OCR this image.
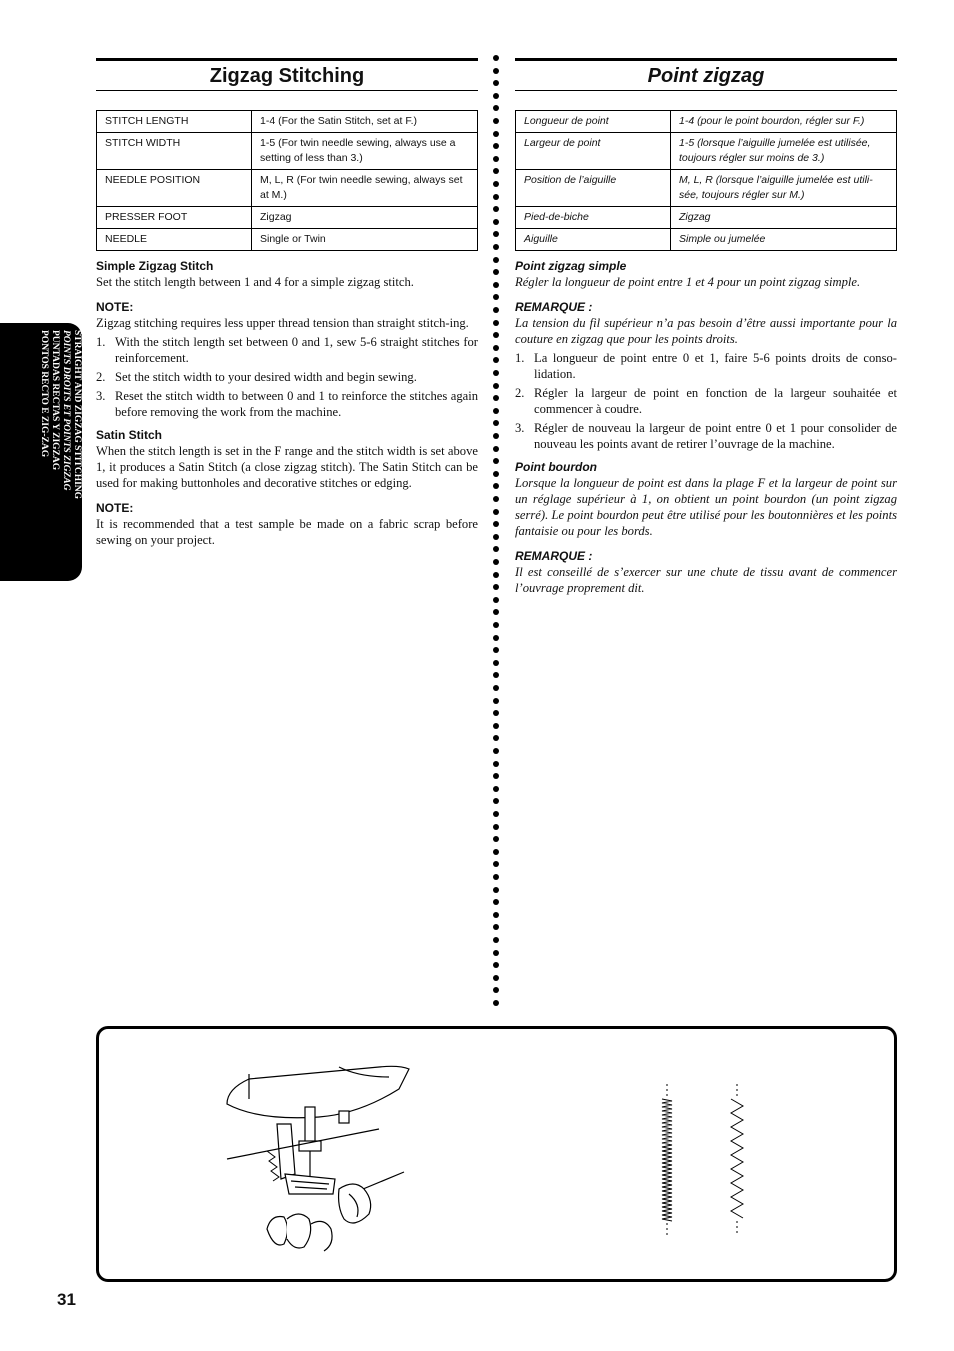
STRAIGHT AND ZIGZAG STITCHING
POINTS DROITS ET POINTS ZIGZAG
PUNTADAS RECTAS Y ZIGZAG
PONTOS RECTO E ZIG-ZAG
Zigzag Stitching
STITCH LENGTH	1-4 (For the Satin Stitch, set at F.)
STITCH WIDTH	1-5 (For twin needle sewing, always use a setting of less than 3.)
NEEDLE POSITION	M, L, R (For twin needle sewing, always set at M.)
PRESSER FOOT	Zigzag
NEEDLE	Single or Twin
Simple Zigzag Stitch

Set the stitch length between 1 and 4 for a simple zigzag stitch.

NOTE:

Zigzag stitching requires less upper thread tension than straight stitch-ing.

1. With the stitch length set between 0 and 1, sew 5-6 straight stitches for reinforcement.
2. Set the stitch width to your desired width and begin sewing.
3. Reset the stitch width to between 0 and 1 to reinforce the stitches again before removing the work from the machine.
Satin Stitch

When the stitch length is set in the F range and the stitch width is set above 1, it produces a Satin Stitch (a close zigzag stitch). The Satin Stitch can be used for making buttonholes and decorative stitches or edging.

NOTE:

It is recommended that a test sample be made on a fabric scrap before sewing on your project.

Point zigzag
Longueur de point	1-4 (pour le point bourdon, régler sur F.)
Largeur de point	1-5 (lorsque l’aiguille jumelée est utilisée, toujours régler sur moins de 3.)
Position de l’aiguille	M, L, R (lorsque l’aiguille jumelée est utili-sée, toujours régler sur M.)
Pied-de-biche	Zigzag
Aiguille	Simple ou jumelée
Point zigzag simple

Régler la longueur de point entre 1 et 4 pour un point zigzag simple.

REMARQUE :

La tension du fil supérieur n’a pas besoin d’être aussi importante pour la couture en zigzag que pour les points droits.

1. La longueur de point entre 0 et 1, faire 5-6 points droits de conso-lidation.
2. Régler la largeur de point en fonction de la largeur souhaitée et commencer à coudre.
3. Régler de nouveau la largeur de point entre 0 et 1 pour consolider de nouveau les points avant de retirer l’ouvrage de la machine.
Point bourdon

Lorsque la longueur de point est dans la plage F et la largeur de point sur un réglage supérieur à 1, on obtient un point bourdon (un point zigzag serré). Le point bourdon peut être utilisé pour les boutonnières et les points fantaisie ou pour les bords.

REMARQUE :

Il est conseillé de s’exercer sur une chute de tissu avant de commencer l’ouvrage proprement dit.

31
